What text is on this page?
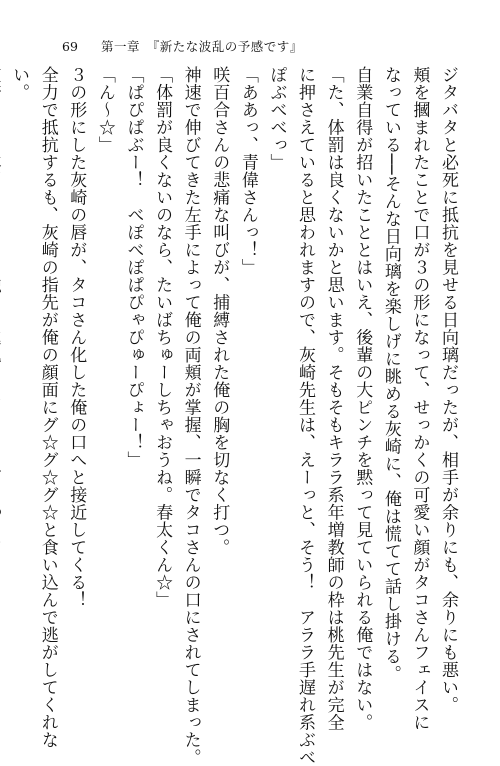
69 第一章　『新たな波乱の予感です』
ジタバタと必死に抵抗を見せる日向璃だったが、相手が余りにも、余りにも悪い。
頬を摑まれたことで口が３の形になって、せっかくの可愛い顔がタコさんフェイスに
なっている──そんな日向璃を楽しげに眺める灰崎に、俺は慌てて話し掛ける。
自業自得が招いたこととはいえ、後輩の大ピンチを黙って見ていられる俺ではない。
「た、体罰は良くないかと思います。そもそもキララ系年増教師の枠は桃先生が完全
に押さえていると思われますので、灰崎先生は、えーっと、そう！　アララ手遅れ系ぶべ
ぽぶべべっ」
「ああっ、青偉さんっ！」
咲百合さんの悲痛な叫びが、捕縛された俺の胸を切なく打つ。
神速で伸びてきた左手によって俺の両頬が掌握、一瞬でタコさんの口にされてしまった。
「体罰が良くないのなら、たいばちゅーしちゃおうね。春太くん☆」
「ぱぴぱぶー！　べぽべぽぱぴゃぴゅーぴょー！」
「ん～☆」
３の形にした灰崎の唇が、タコさん化した俺の口へと接近してくる！
全力で抵抗するも、灰崎の指先が俺の顔面にグ☆グ☆グ☆と食い込んで逃がしてくれな
い。
